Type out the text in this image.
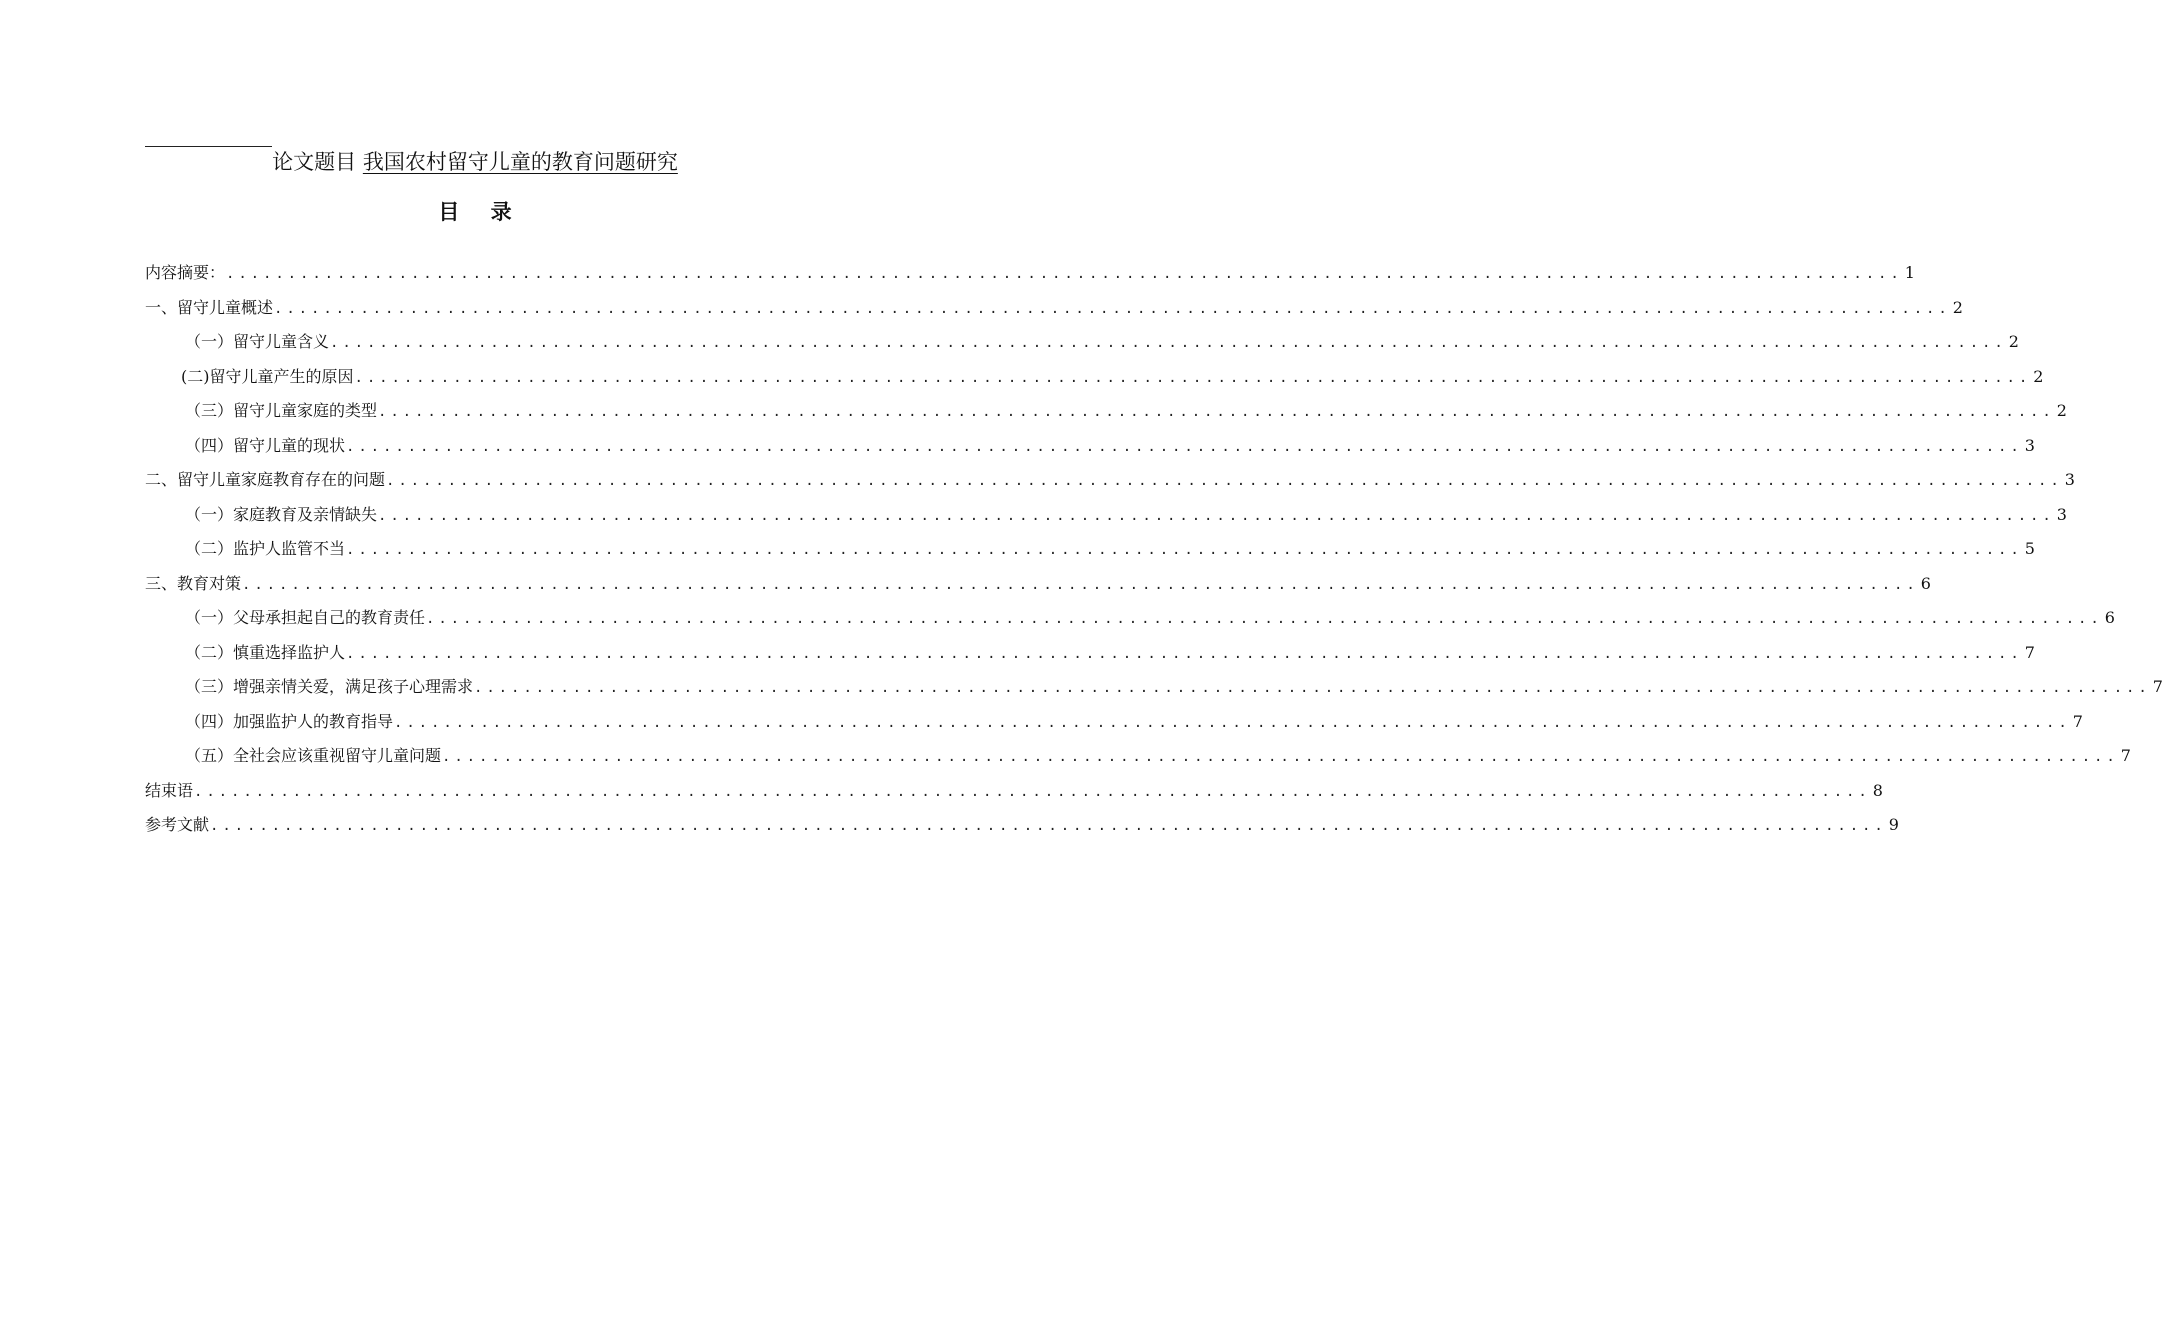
论文题目 我国农村留守儿童的教育问题研究
目 录
内容摘要： ........................................................................................................................................ 1
一、留守儿童概述 ........................................................................................................................................ 2
（一）留守儿童含义 ........................................................................................................................................ 2
(二)留守儿童产生的原因 ........................................................................................................................................ 2
（三）留守儿童家庭的类型 ........................................................................................................................................ 2
（四）留守儿童的现状 ........................................................................................................................................ 3
二、留守儿童家庭教育存在的问题 ........................................................................................................................................ 3
（一）家庭教育及亲情缺失 ........................................................................................................................................ 3
（二）监护人监管不当 ........................................................................................................................................ 5
三、教育对策 ........................................................................................................................................ 6
（一）父母承担起自己的教育责任 ........................................................................................................................................ 6
（二）慎重选择监护人 ........................................................................................................................................ 7
（三）增强亲情关爱，满足孩子心理需求 ........................................................................................................................................ 7
（四）加强监护人的教育指导 ........................................................................................................................................ 7
（五）全社会应该重视留守儿童问题 ........................................................................................................................................ 7
结束语 ........................................................................................................................................ 8
参考文献 ........................................................................................................................................ 9
